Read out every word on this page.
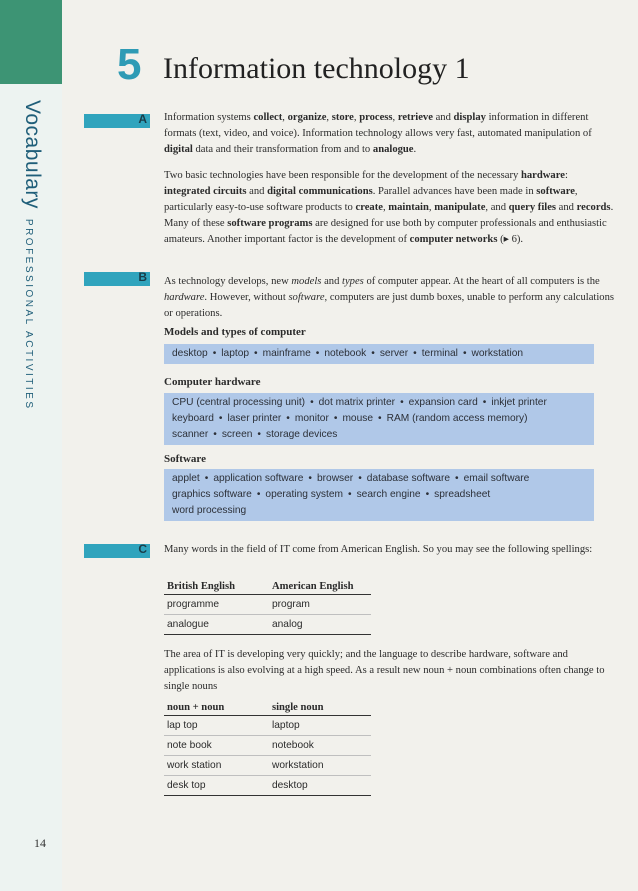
VocabularyPROFESSIONAL ACTIVITIES
14
5 Information technology 1
A Information systems collect, organize, store, process, retrieve and display information in different formats (text, video, and voice). Information technology allows very fast, automated manipulation of digital data and their transformation from and to analogue.

Two basic technologies have been responsible for the development of the necessary hardware: integrated circuits and digital communications. Parallel advances have been made in software, particularly easy-to-use software products to create, maintain, manipulate, and query files and records. Many of these software programs are designed for use both by computer professionals and enthusiastic amateurs. Another important factor is the development of computer networks (▸ 6).

B As technology develops, new models and types of computer appear. At the heart of all computers is the hardware. However, without software, computers are just dumb boxes, unable to perform any calculations or operations.

Models and types of computer
desktop • laptop • mainframe • notebook • server • terminal • workstation
Computer hardware
CPU (central processing unit) • dot matrix printer • expansion card • inkjet printer
keyboard • laser printer • monitor • mouse • RAM (random access memory)
scanner • screen • storage devices
Software
applet • application software • browser • database software • email software
graphics software • operating system • search engine • spreadsheet
word processing
C Many words in the field of IT come from American English. So you may see the following spellings:

British English	American English
programme	program
analogue	analog

The area of IT is developing very quickly; and the language to describe hardware, software and applications is also evolving at a high speed. As a result new noun + noun combinations often change to single nouns

noun + noun	single noun
lap top	laptop
note book	notebook
work station	workstation
desk top	desktop
